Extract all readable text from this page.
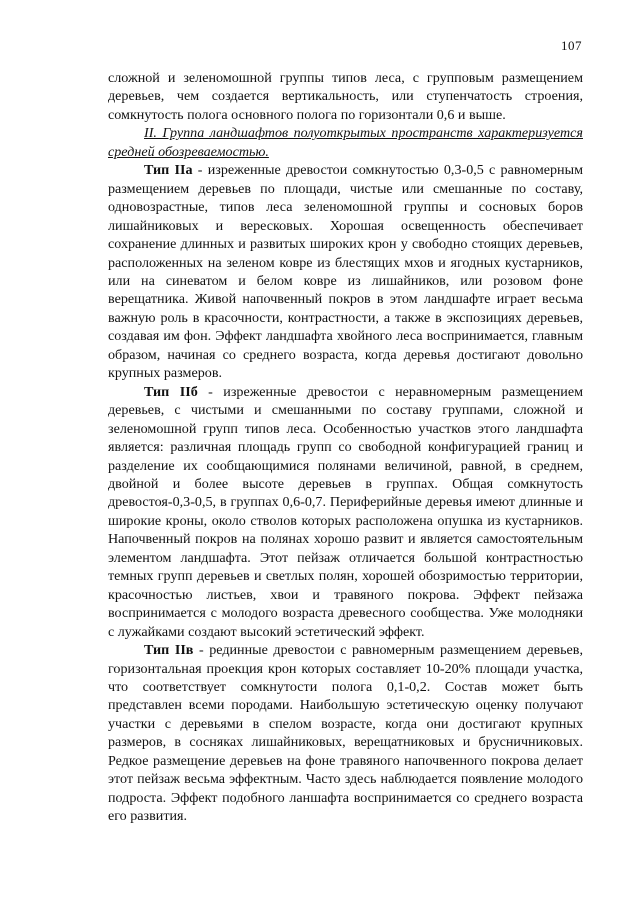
107

сложной и зеленомошной группы типов леса, с групповым размещением деревьев, чем создается вертикальность, или ступенчатость строения, сомкнутость полога основного полога по горизонтали 0,6 и выше.

II. Группа ландшафтов полуоткрытых пространств характеризуется средней обозреваемостью.

Тип IIа - изреженные древостои сомкнутостью 0,3-0,5 с равномерным размещением деревьев по площади, чистые или смешанные по составу, одновозрастные, типов леса зеленомошной группы и сосновых боров лишайниковых и вересковых. Хорошая освещенность обеспечивает сохранение длинных и развитых широких крон у свободно стоящих деревьев, расположенных на зеленом ковре из блестящих мхов и ягодных кустарников, или на синеватом и белом ковре из лишайников, или розовом фоне верещатника. Живой напочвенный покров в этом ландшафте играет весьма важную роль в красочности, контрастности, а также в экспозициях деревьев, создавая им фон. Эффект ландшафта хвойного леса воспринимается, главным образом, начиная со среднего возраста, когда деревья достигают довольно крупных размеров.

Тип IIб - изреженные древостои с неравномерным размещением деревьев, с чистыми и смешанными по составу группами, сложной и зеленомошной групп типов леса. Особенностью участков этого ландшафта является: различная площадь групп со свободной конфигурацией границ и разделение их сообщающимися полянами величиной, равной, в среднем, двойной и более высоте деревьев в группах. Общая сомкнутость древостоя-0,3-0,5, в группах 0,6-0,7. Периферийные деревья имеют длинные и широкие кроны, около стволов которых расположена опушка из кустарников. Напочвенный покров на полянах хорошо развит и является самостоятельным элементом ландшафта. Этот пейзаж отличается большой контрастностью темных групп деревьев и светлых полян, хорошей обозримостью территории, красочностью листьев, хвои и травяного покрова. Эффект пейзажа воспринимается с молодого возраста древесного сообщества. Уже молодняки с лужайками создают высокий эстетический эффект.

Тип IIв - рединные древостои с равномерным размещением деревьев, горизонтальная проекция крон которых составляет 10-20% площади участка, что соответствует сомкнутости полога 0,1-0,2. Состав может быть представлен всеми породами. Наибольшую эстетическую оценку получают участки с деревьями в спелом возрасте, когда они достигают крупных размеров, в сосняках лишайниковых, верещатниковых и брусничниковых. Редкое размещение деревьев на фоне травяного напочвенного покрова делает этот пейзаж весьма эффектным. Часто здесь наблюдается появление молодого подроста. Эффект подобного ланшафта воспринимается со среднего возраста его развития.
